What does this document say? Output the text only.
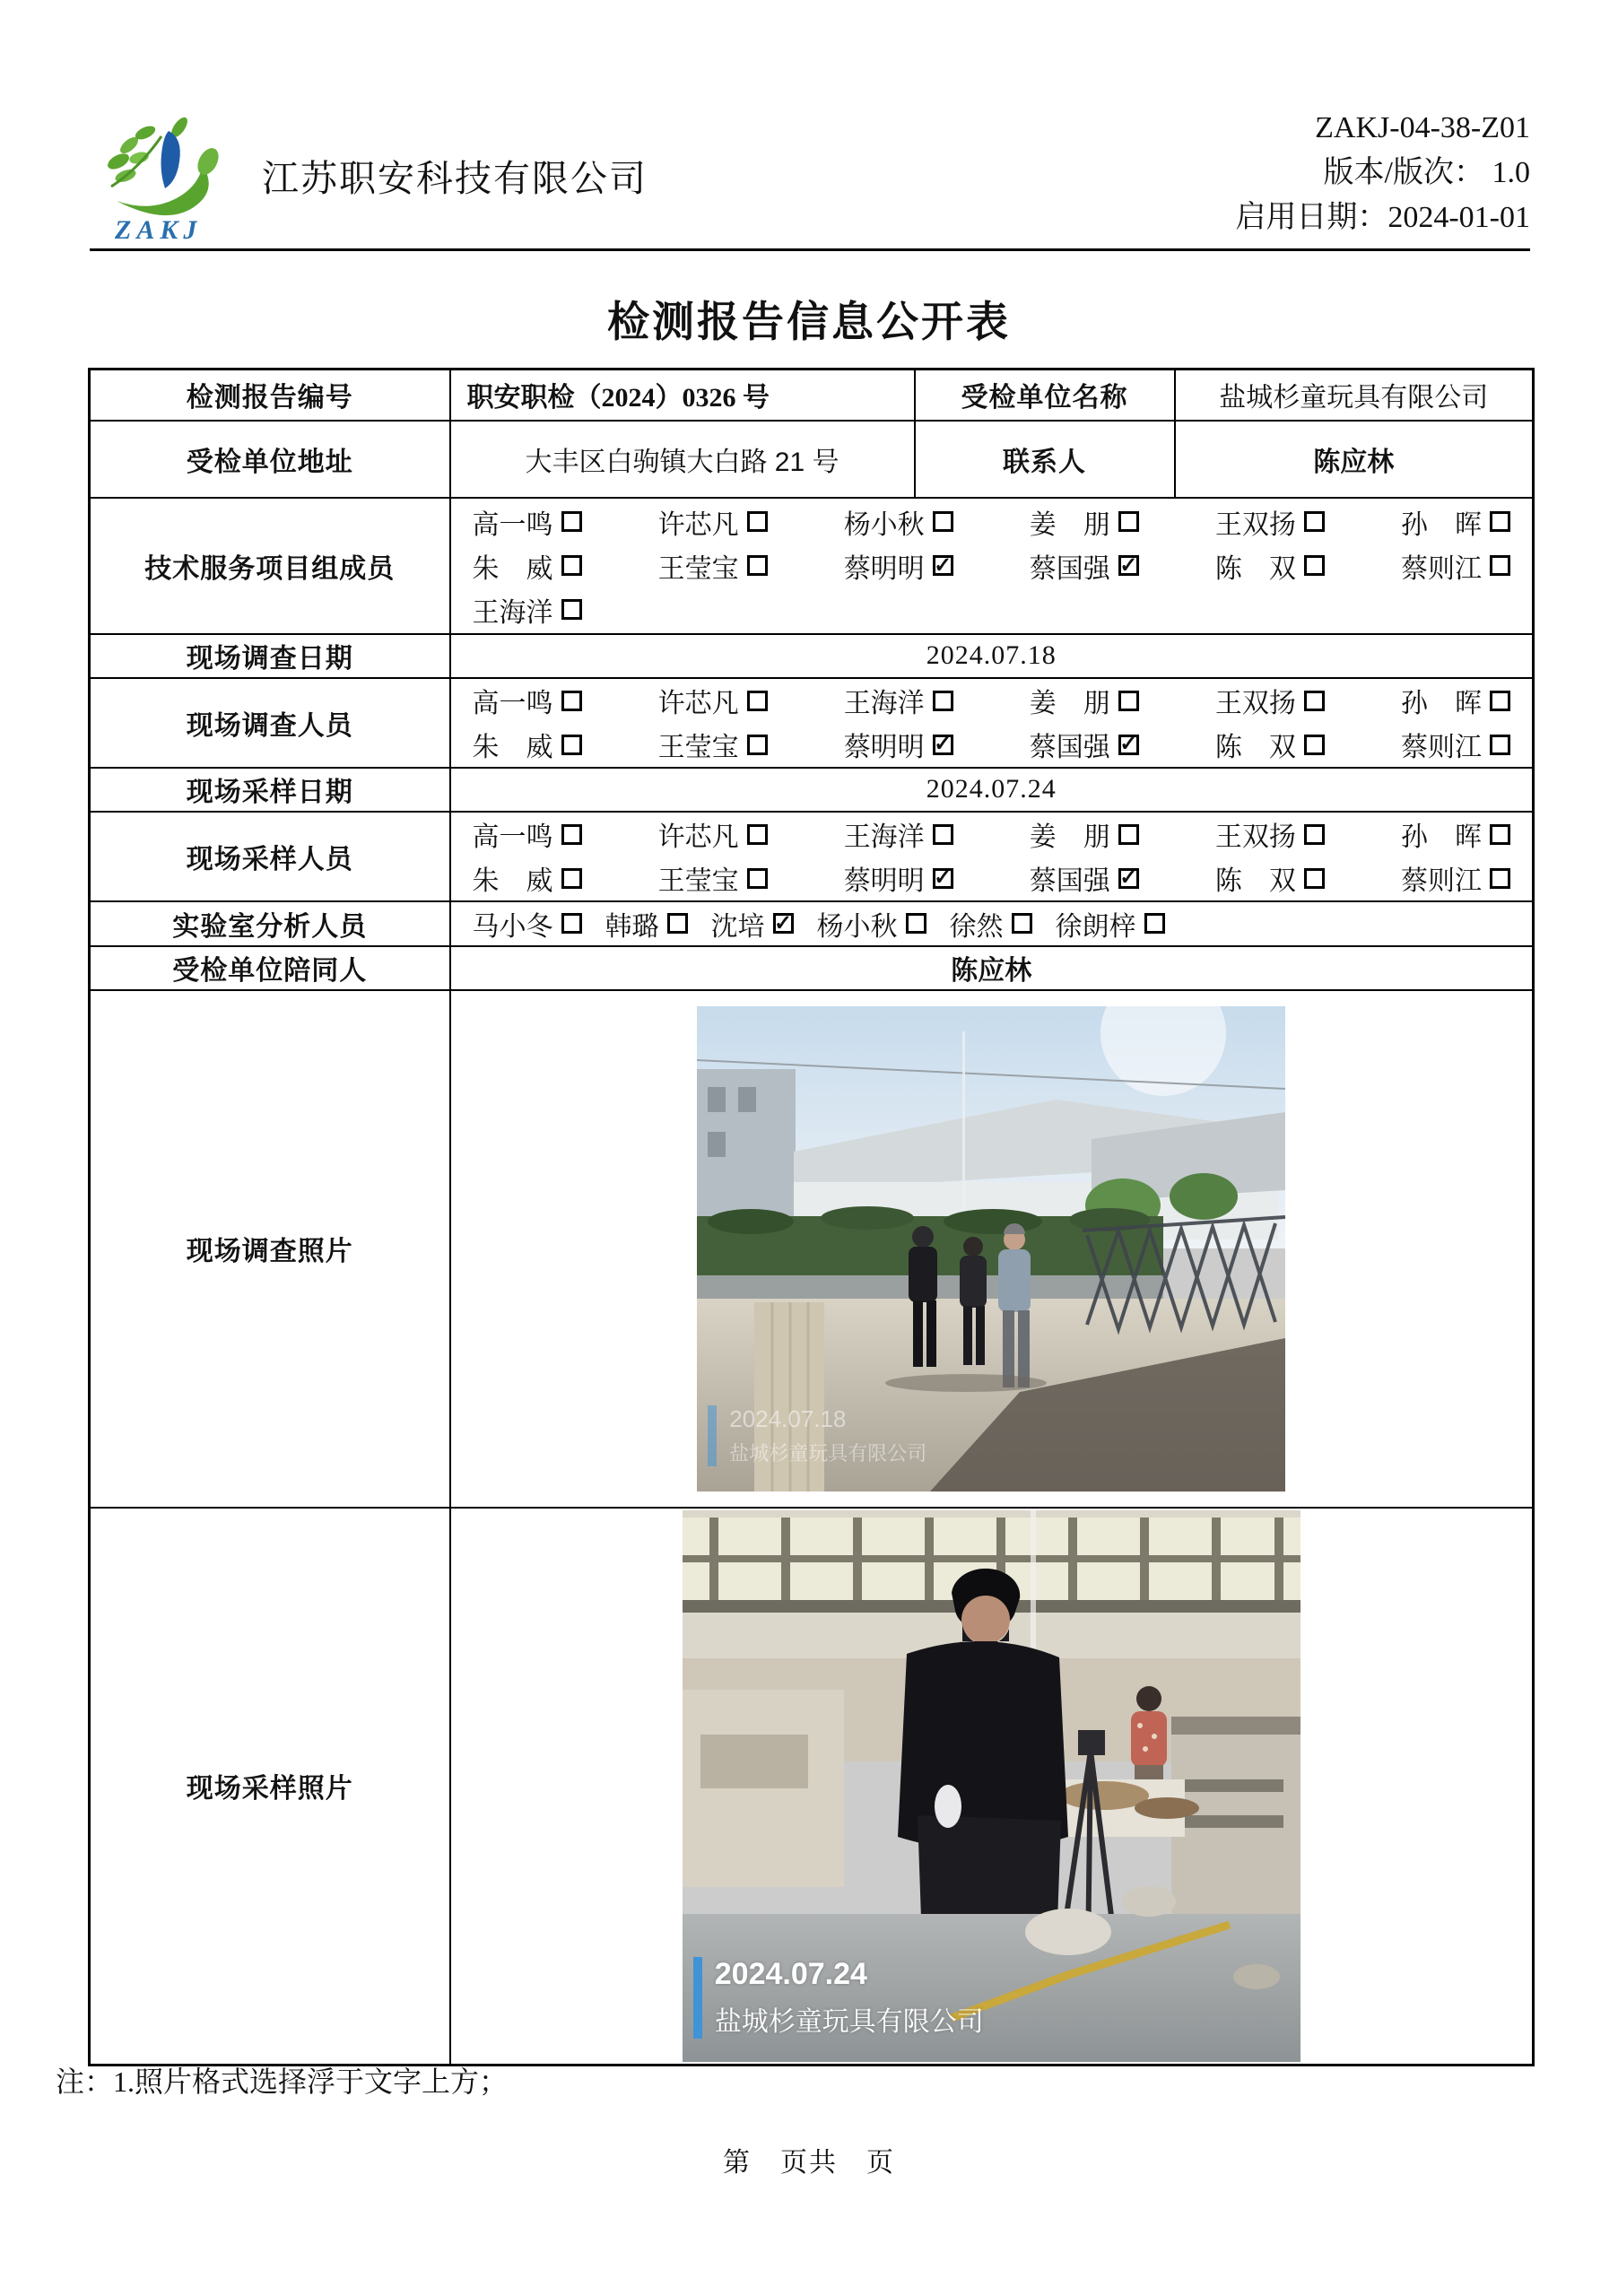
ZAKJ
江苏职安科技有限公司
ZAKJ-04-38-Z01
版本/版次： 1.0
启用日期：2024-01-01
检测报告信息公开表
检测报告编号	职安职检（2024）0326 号	受检单位名称	盐城杉童玩具有限公司
受检单位地址	大丰区白驹镇大白路 21 号	联系人	陈应林
技术服务项目组成员	
高一鸣	许芯凡	杨小秋	姜　朋	王双扬	孙　晖
朱　威	王莹宝	蔡明明 ✓	蔡国强 ✓	陈　双	蔡则江
王海洋

现场调查日期	2024.07.18		
现场调查人员	
高一鸣	许芯凡	王海洋	姜　朋	王双扬	孙　晖
朱　威	王莹宝	蔡明明 ✓	蔡国强 ✓	陈　双	蔡则江

现场采样日期	2024.07.24		
现场采样人员	
高一鸣	许芯凡	王海洋	姜　朋	王双扬	孙　晖
朱　威	王莹宝	蔡明明 ✓	蔡国强 ✓	陈　双	蔡则江

实验室分析人员	马小冬 韩璐 沈培 ✓ 杨小秋 徐然 徐朗梓

受检单位陪同人	陈应林		
现场调查照片	2024.07.18
盐城杉童玩具有限公司		

现场采样照片	2024.07.24
盐城杉童玩具有限公司		
注：1.照片格式选择浮于文字上方；
第　页共　页
